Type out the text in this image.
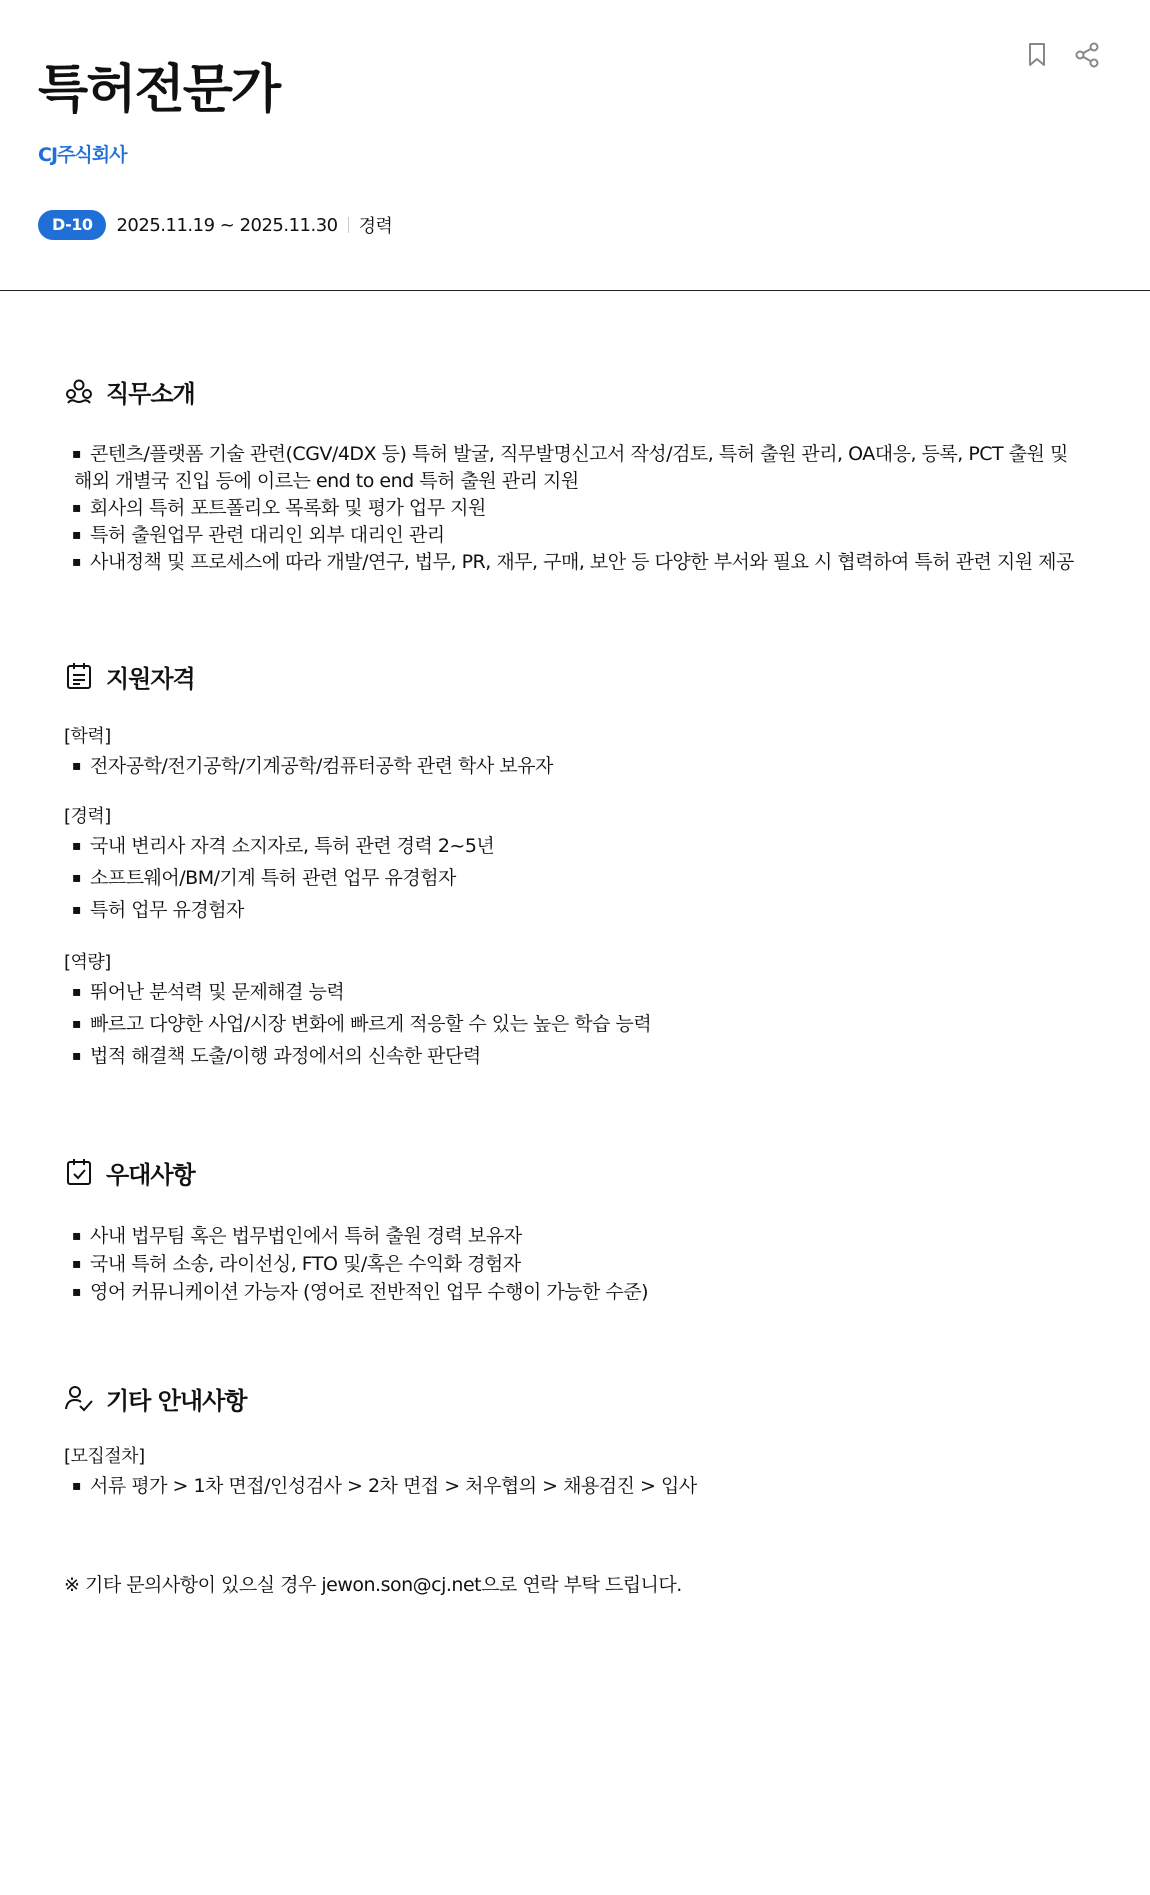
특허전문가
CJ주식회사
D-10	2025.11.19 ~ 2025.11.30 경력
직무소개
▪ 콘텐츠/플랫폼 기술 관련(CGV/4DX 등) 특허 발굴, 직무발명신고서 작성/검토, 특허 출원 관리, OA대응, 등록, PCT 출원 및
해외 개별국 진입 등에 이르는 end to end 특허 출원 관리 지원
▪ 회사의 특허 포트폴리오 목록화 및 평가 업무 지원
▪ 특허 출원업무 관련 대리인 외부 대리인 관리
▪ 사내정책 및 프로세스에 따라 개발/연구, 법무, PR, 재무, 구매, 보안 등 다양한 부서와 필요 시 협력하여 특허 관련 지원 제공
지원자격
[학력]
▪ 전자공학/전기공학/기계공학/컴퓨터공학 관련 학사 보유자
[경력]
▪ 국내 변리사 자격 소지자로, 특허 관련 경력 2~5년
▪ 소프트웨어/BM/기계 특허 관련 업무 유경험자
▪ 특허 업무 유경험자
[역량]
▪ 뛰어난 분석력 및 문제해결 능력
▪ 빠르고 다양한 사업/시장 변화에 빠르게 적응할 수 있는 높은 학습 능력
▪ 법적 해결책 도출/이행 과정에서의 신속한 판단력
우대사항
▪ 사내 법무팀 혹은 법무법인에서 특허 출원 경력 보유자
▪ 국내 특허 소송, 라이선싱, FTO 및/혹은 수익화 경험자
▪ 영어 커뮤니케이션 가능자 (영어로 전반적인 업무 수행이 가능한 수준)
기타 안내사항
[모집절차]
▪ 서류 평가 > 1차 면접/인성검사 > 2차 면접 > 처우협의 > 채용검진 > 입사
※ 기타 문의사항이 있으실 경우 jewon.son@cj.net으로 연락 부탁 드립니다.
